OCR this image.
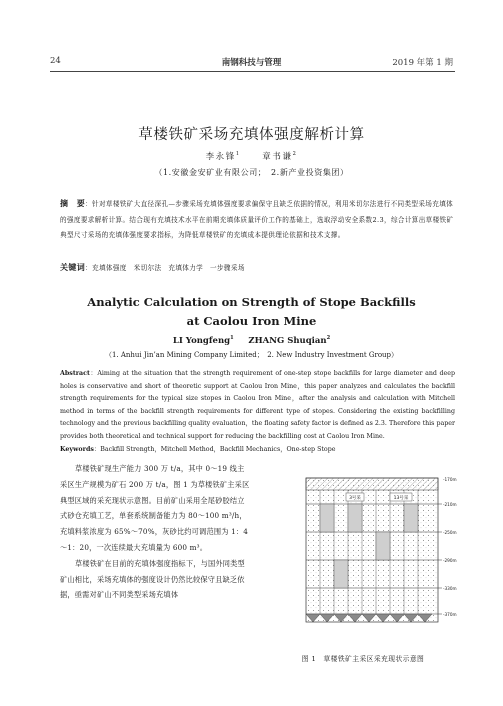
24	南钢科技与管理	2019 年第 1 期
草楼铁矿采场充填体强度解析计算
李永锋$^1$	章书谦$^2$
（1.安徽金安矿业有限公司；　2.新产业投资集团）
摘　要：针对草楼铁矿大直径深孔—步骤采场充填体强度要求偏保守且缺乏依据的情况，利用米切尔法进行不同类型采场充填体的强度要求解析计算。结合现有充填技术水平在前期充填体质量评价工作的基础上，选取浮动安全系数2.3，综合计算出草楼铁矿典型尺寸采场的充填体强度要求指标，为降低草楼铁矿的充填成本提供理论依据和技术支撑。
关键词：充填体强度　米切尔法　充填体力学　一步骤采场
Analytic Calculation on Strength of Stope Backfills
at Caolou Iron Mine
LI Yongfeng$^1$ ZHANG Shuqian$^2$
（1. Anhui Jin’an Mining Company Limited；　2. New Industry Investment Group）
Abstract：Aiming at the situation that the strength requirement of one-step stope backfills for large diameter and deep holes is conservative and short of theoretic support at Caolou Iron Mine，this paper analyzes and calculates the backfill strength requirements for the typical size stopes in Caolou Iron Mine，after the analysis and calculation with Mitchell method in terms of the backfill strength requirements for different type of stopes. Considering the existing backfilling technology and the previous backfilling quality evaluation，the floating safety factor is defined as 2.3. Therefore this paper provides both theoretical and technical support for reducing the backfilling cost at Caolou Iron Mine.
Keywords：Backfill Strength，Mitchell Method，Backfill Mechanics，One-step Stope

草楼铁矿现生产能力 300 万 t/a，其中 0～19 线主采区生产规模为矿石 200 万 t/a，图 1 为草楼铁矿主采区典型区域的采充现状示意图。目前矿山采用全尾砂胶结立式砂仓充填工艺，单套系统制备能力为 80～100 m³/h，充填料浆浓度为 65%～70%，灰砂比约可调范围为 1：4～1：20，一次连续最大充填量为 600 m³。

草楼铁矿在目前的充填体强度指标下，与国外同类型矿山相比，采场充填体的强度设计仍然比较保守且缺乏依据，亟需对矿山不同类型采场充填体

3号采	13号采
-170m
-210m
-250m
-290m
-330m
-370m
图 1　草楼铁矿主采区采充现状示意图
